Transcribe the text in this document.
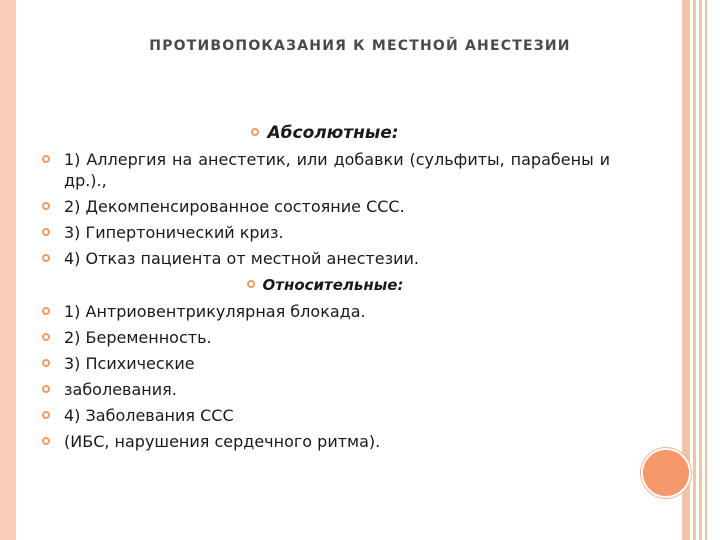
ПРОТИВОПОКАЗАНИЯ К МЕСТНОЙ АНЕСТЕЗИИ
Абсолютные:
1) Аллергия на анестетик, или добавки (сульфиты, парабены и др.).,
2) Декомпенсированное состояние ССС.
3) Гипертонический криз.
4) Отказ пациента от местной анестезии.
Относительные:
1) Антриовентрикулярная блокада.
2) Беременность.
3) Психические
заболевания.
4) Заболевания ССС
(ИБС, нарушения сердечного ритма).
